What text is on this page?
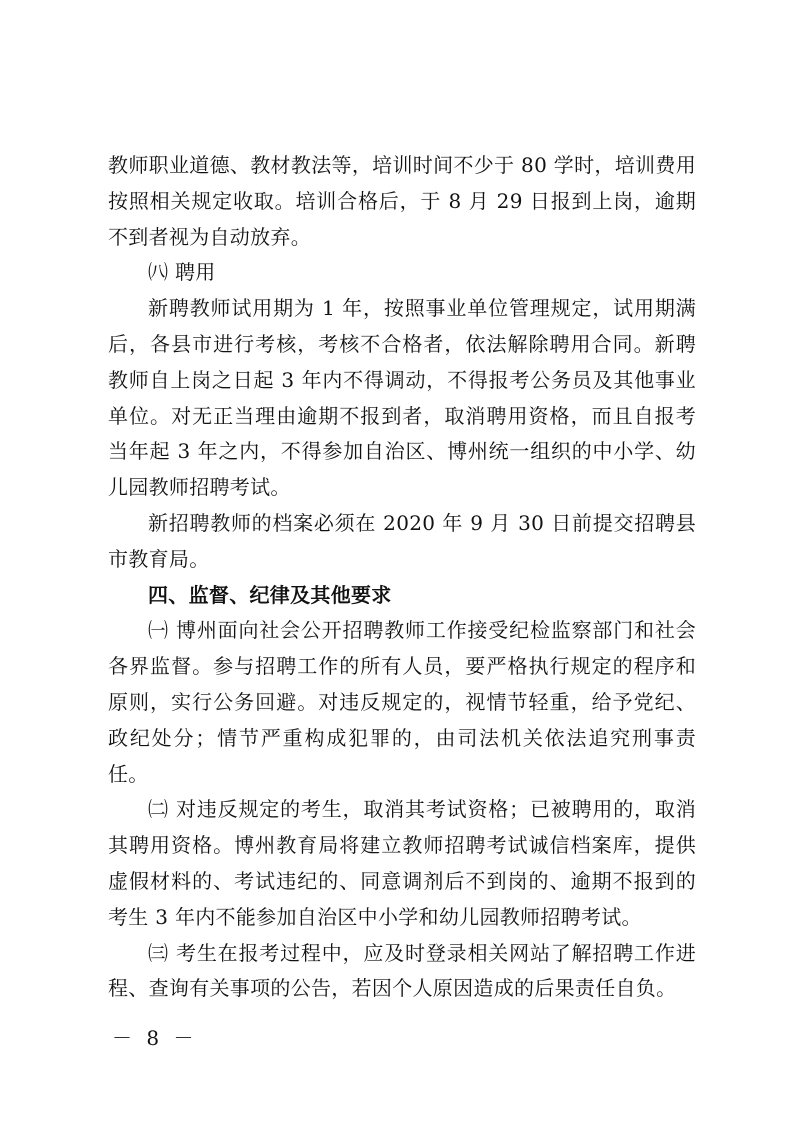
教师职业道德、教材教法等，培训时间不少于 80 学时，培训费用按照相关规定收取。培训合格后，于 8 月 29 日报到上岗，逾期不到者视为自动放弃。

㈧ 聘用

新聘教师试用期为 1 年，按照事业单位管理规定，试用期满后，各县市进行考核，考核不合格者，依法解除聘用合同。新聘教师自上岗之日起 3 年内不得调动，不得报考公务员及其他事业单位。对无正当理由逾期不报到者，取消聘用资格，而且自报考当年起 3 年之内，不得参加自治区、博州统一组织的中小学、幼儿园教师招聘考试。

新招聘教师的档案必须在 2020 年 9 月 30 日前提交招聘县市教育局。

四、监督、纪律及其他要求

㈠ 博州面向社会公开招聘教师工作接受纪检监察部门和社会各界监督。参与招聘工作的所有人员，要严格执行规定的程序和原则，实行公务回避。对违反规定的，视情节轻重，给予党纪、政纪处分；情节严重构成犯罪的，由司法机关依法追究刑事责任。

㈡ 对违反规定的考生，取消其考试资格；已被聘用的，取消其聘用资格。博州教育局将建立教师招聘考试诚信档案库，提供虚假材料的、考试违纪的、同意调剂后不到岗的、逾期不报到的考生 3 年内不能参加自治区中小学和幼儿园教师招聘考试。

㈢ 考生在报考过程中，应及时登录相关网站了解招聘工作进程、查询有关事项的公告，若因个人原因造成的后果责任自负。

－ 8 －
